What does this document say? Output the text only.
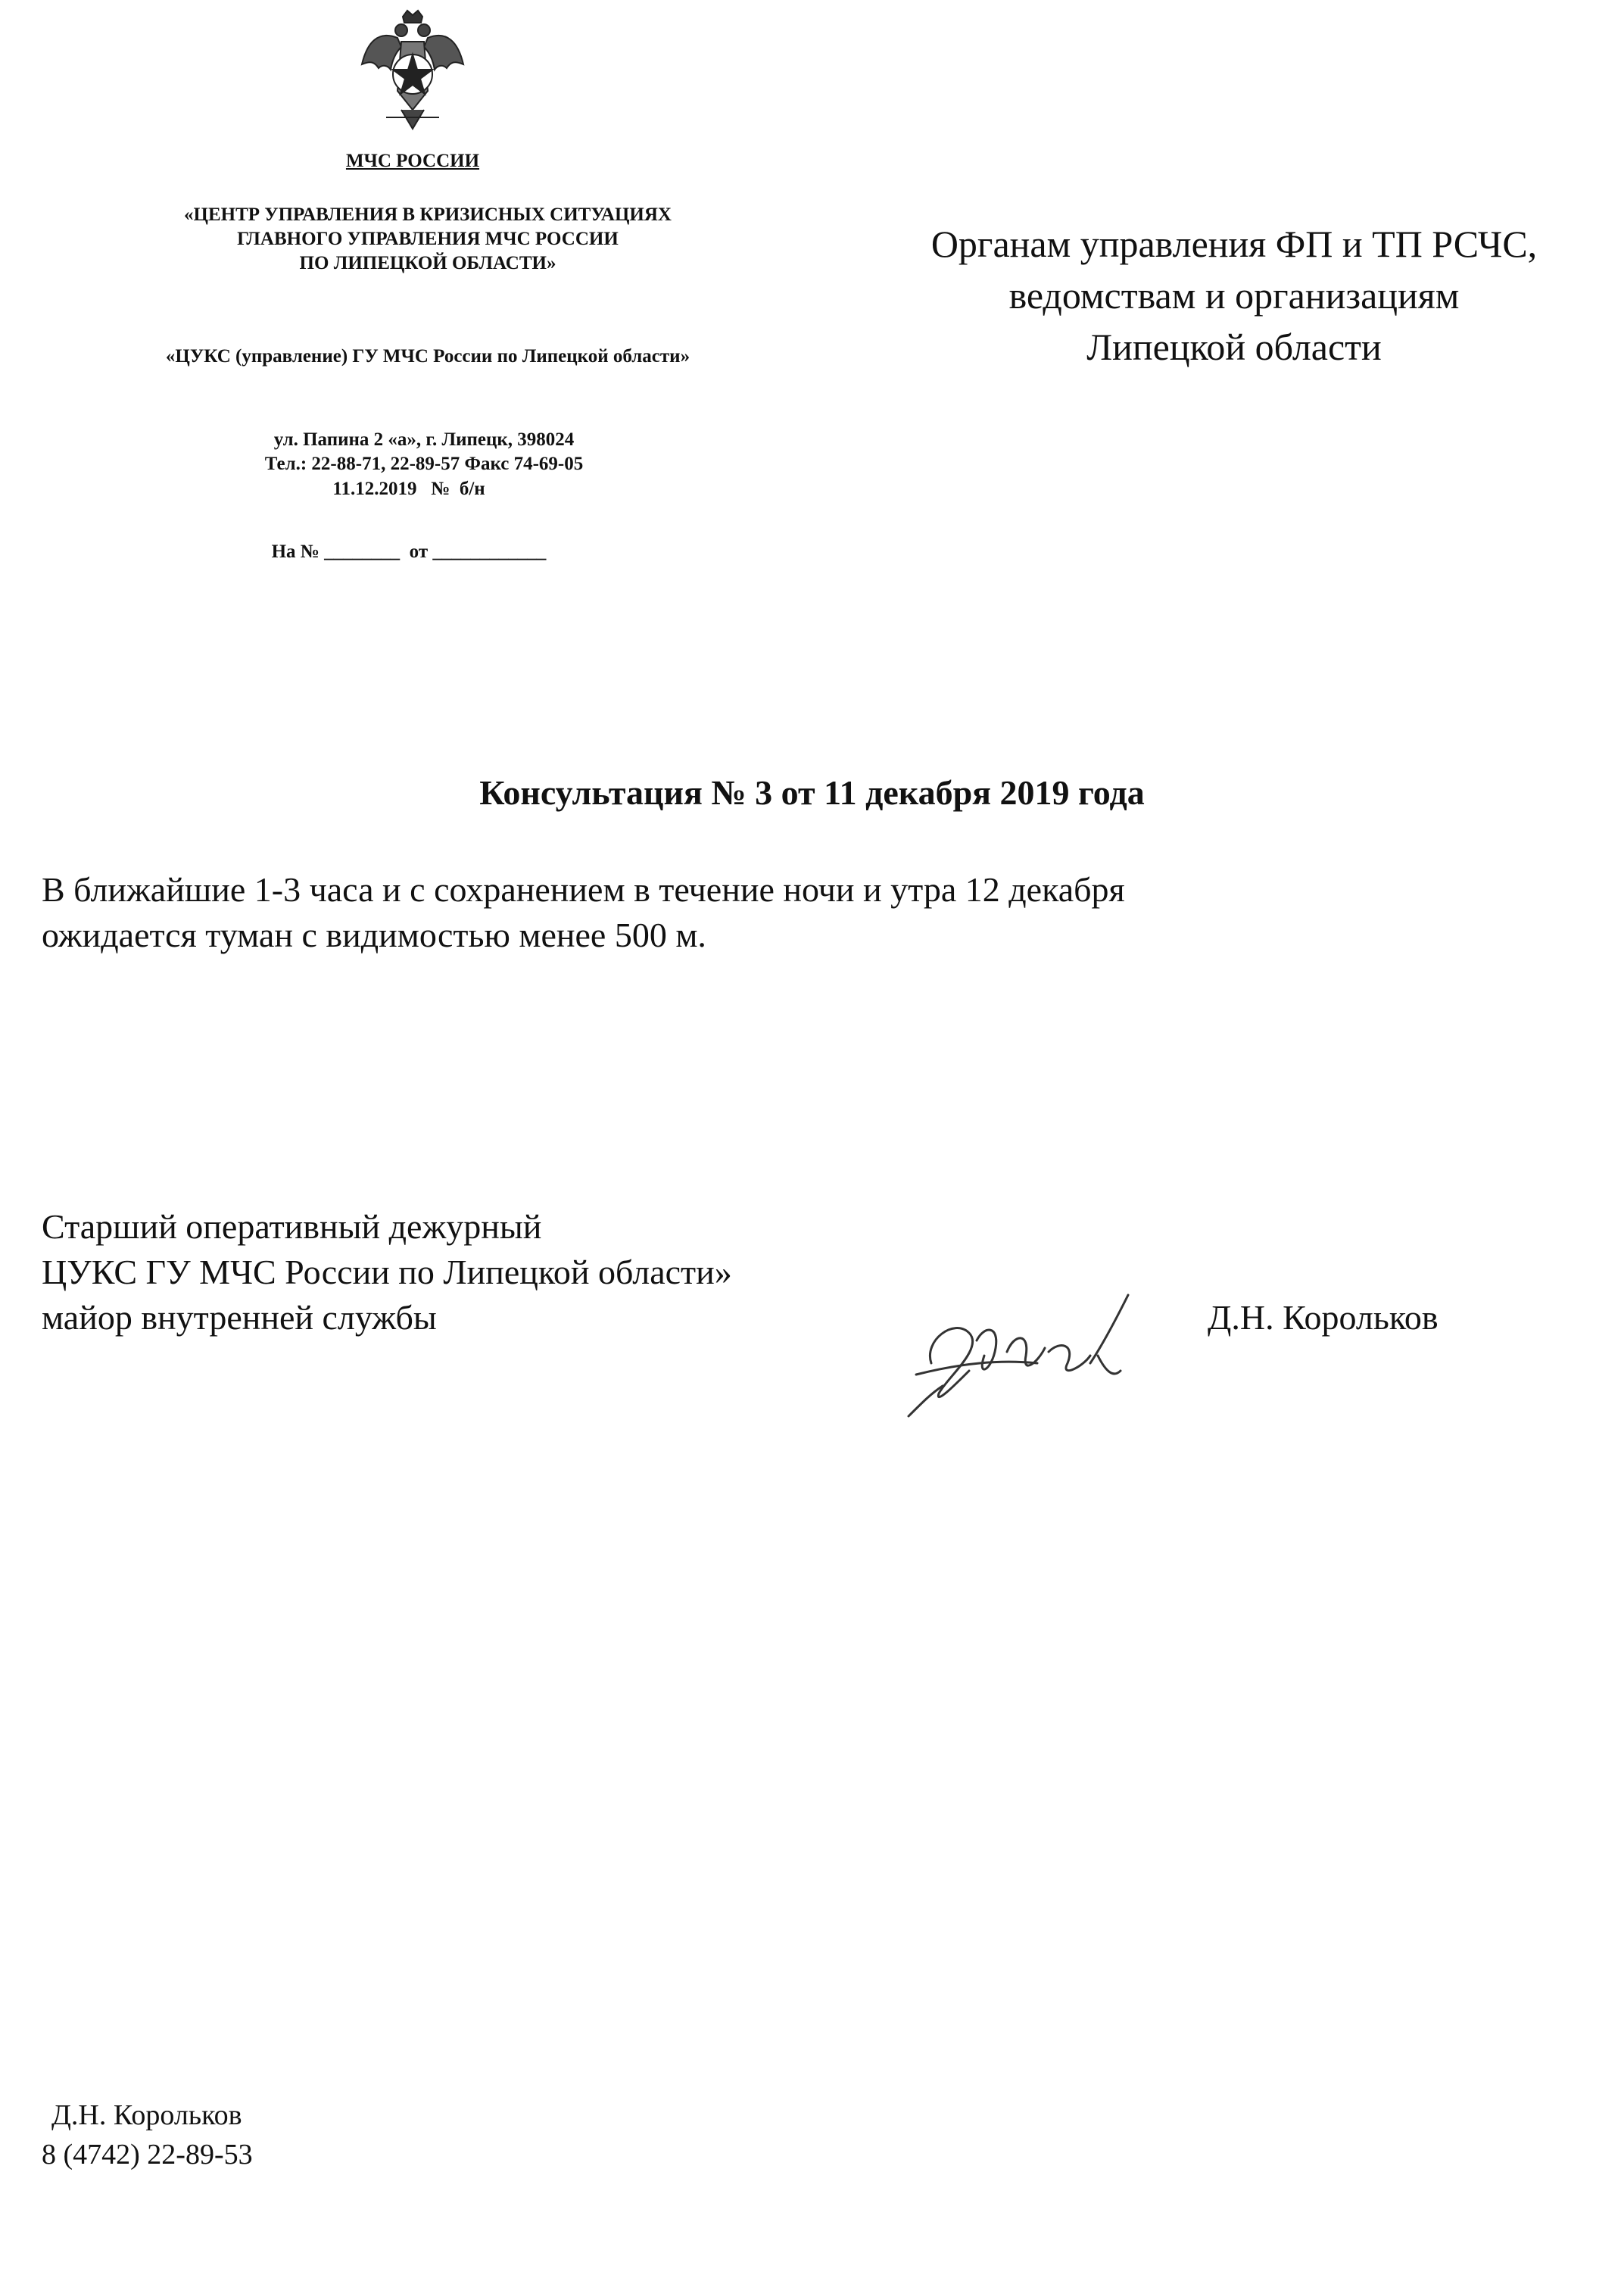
МЧС РОССИИ
«ЦЕНТР УПРАВЛЕНИЯ В КРИЗИСНЫХ СИТУАЦИЯХ
ГЛАВНОГО УПРАВЛЕНИЯ МЧС РОССИИ
ПО ЛИПЕЦКОЙ ОБЛАСТИ»
«ЦУКС (управление) ГУ МЧС России по Липецкой области»
ул. Папина 2 «а», г. Липецк, 398024
Тел.: 22-88-71, 22-89-57 Факс 74-69-05
11.12.2019   №  б/н
На № ________  от ____________
Органам управления ФП и ТП РСЧС,
ведомствам и организациям
Липецкой области
Консультация № 3 от 11 декабря 2019 года
В ближайшие 1-3 часа и с сохранением в течение ночи и утра 12 декабря
ожидается туман с видимостью менее 500 м.
Старший оперативный дежурный
ЦУКС ГУ МЧС России по Липецкой области»
майор внутренней службы	Д.Н. Корольков
Д.Н. Корольков
8 (4742) 22-89-53
